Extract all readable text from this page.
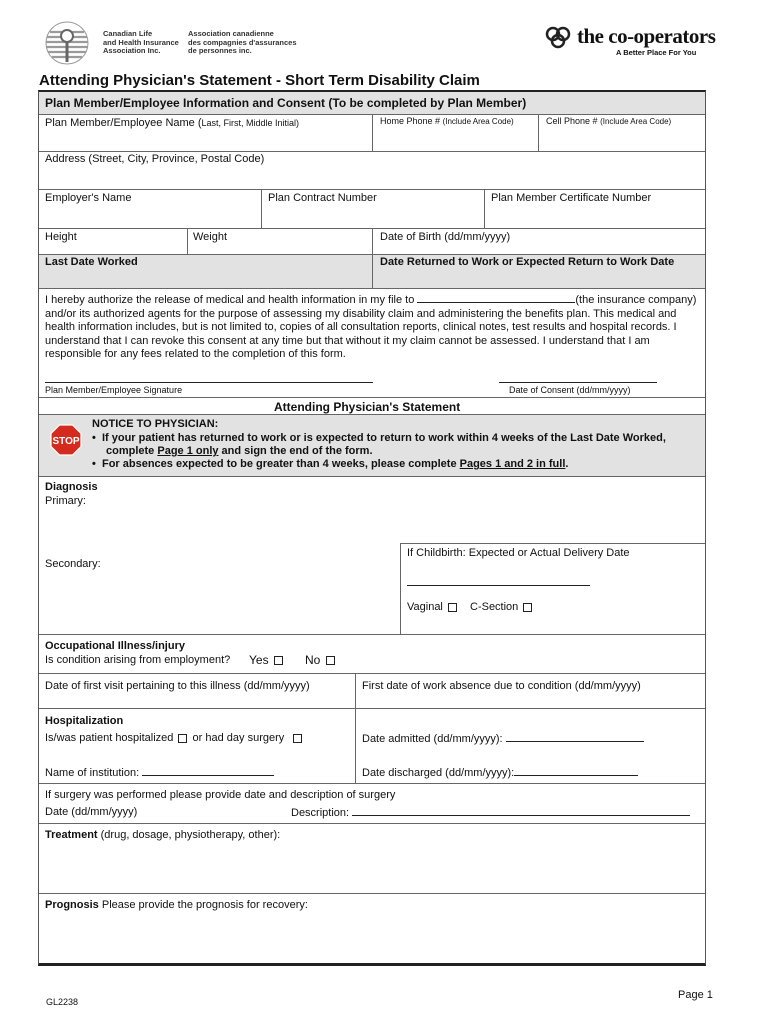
Canadian Life
and Health Insurance
Association Inc.
Association canadienne
des compagnies d'assurances
de personnes inc.
the co-operators
A Better Place For You
Attending Physician's Statement - Short Term Disability Claim
Plan Member/Employee Information and Consent (To be completed by Plan Member)
Plan Member/Employee Name (Last, First, Middle Initial)	Home Phone # (Include Area Code)	Cell Phone # (Include Area Code)
Address (Street, City, Province, Postal Code)
Employer's Name	Plan Contract Number	Plan Member Certificate Number
Height	Weight	Date of Birth (dd/mm/yyyy)
Last Date Worked	Date Returned to Work or Expected Return to Work Date
I hereby authorize the release of medical and health information in my file to	(the insurance company) and/or its authorized agents for the purpose of assessing my disability claim and administering the benefits plan. This medical and health information includes, but is not limited to, copies of all consultation reports, clinical notes, test results and hospital records. I understand that I can revoke this consent at any time but that without it my claim cannot be assessed. I understand that I am responsible for any fees related to the completion of this form.
Plan Member/Employee Signature	Date of Consent (dd/mm/yyyy)
Attending Physician's Statement
STOP
NOTICE TO PHYSICIAN:
•  If your patient has returned to work or is expected to return to work within 4 weeks of the Last Date Worked,
complete Page 1 only and sign the end of the form.
•  For absences expected to be greater than 4 weeks, please complete Pages 1 and 2 in full.
Diagnosis
Primary:
Secondary:
If Childbirth: Expected or Actual Delivery Date
Vaginal	C-Section
Occupational Illness/injury
Is condition arising from employment? Yes	No
Date of first visit pertaining to this illness (dd/mm/yyyy)	First date of work absence due to condition (dd/mm/yyyy)
Hospitalization
Is/was patient hospitalized or had day surgery	Date admitted (dd/mm/yyyy):
Name of institution:	Date discharged (dd/mm/yyyy):
If surgery was performed please provide date and description of surgery
Date (dd/mm/yyyy)	Description:
Treatment (drug, dosage, physiotherapy, other):
Prognosis Please provide the prognosis for recovery:
GL2238
Page 1
